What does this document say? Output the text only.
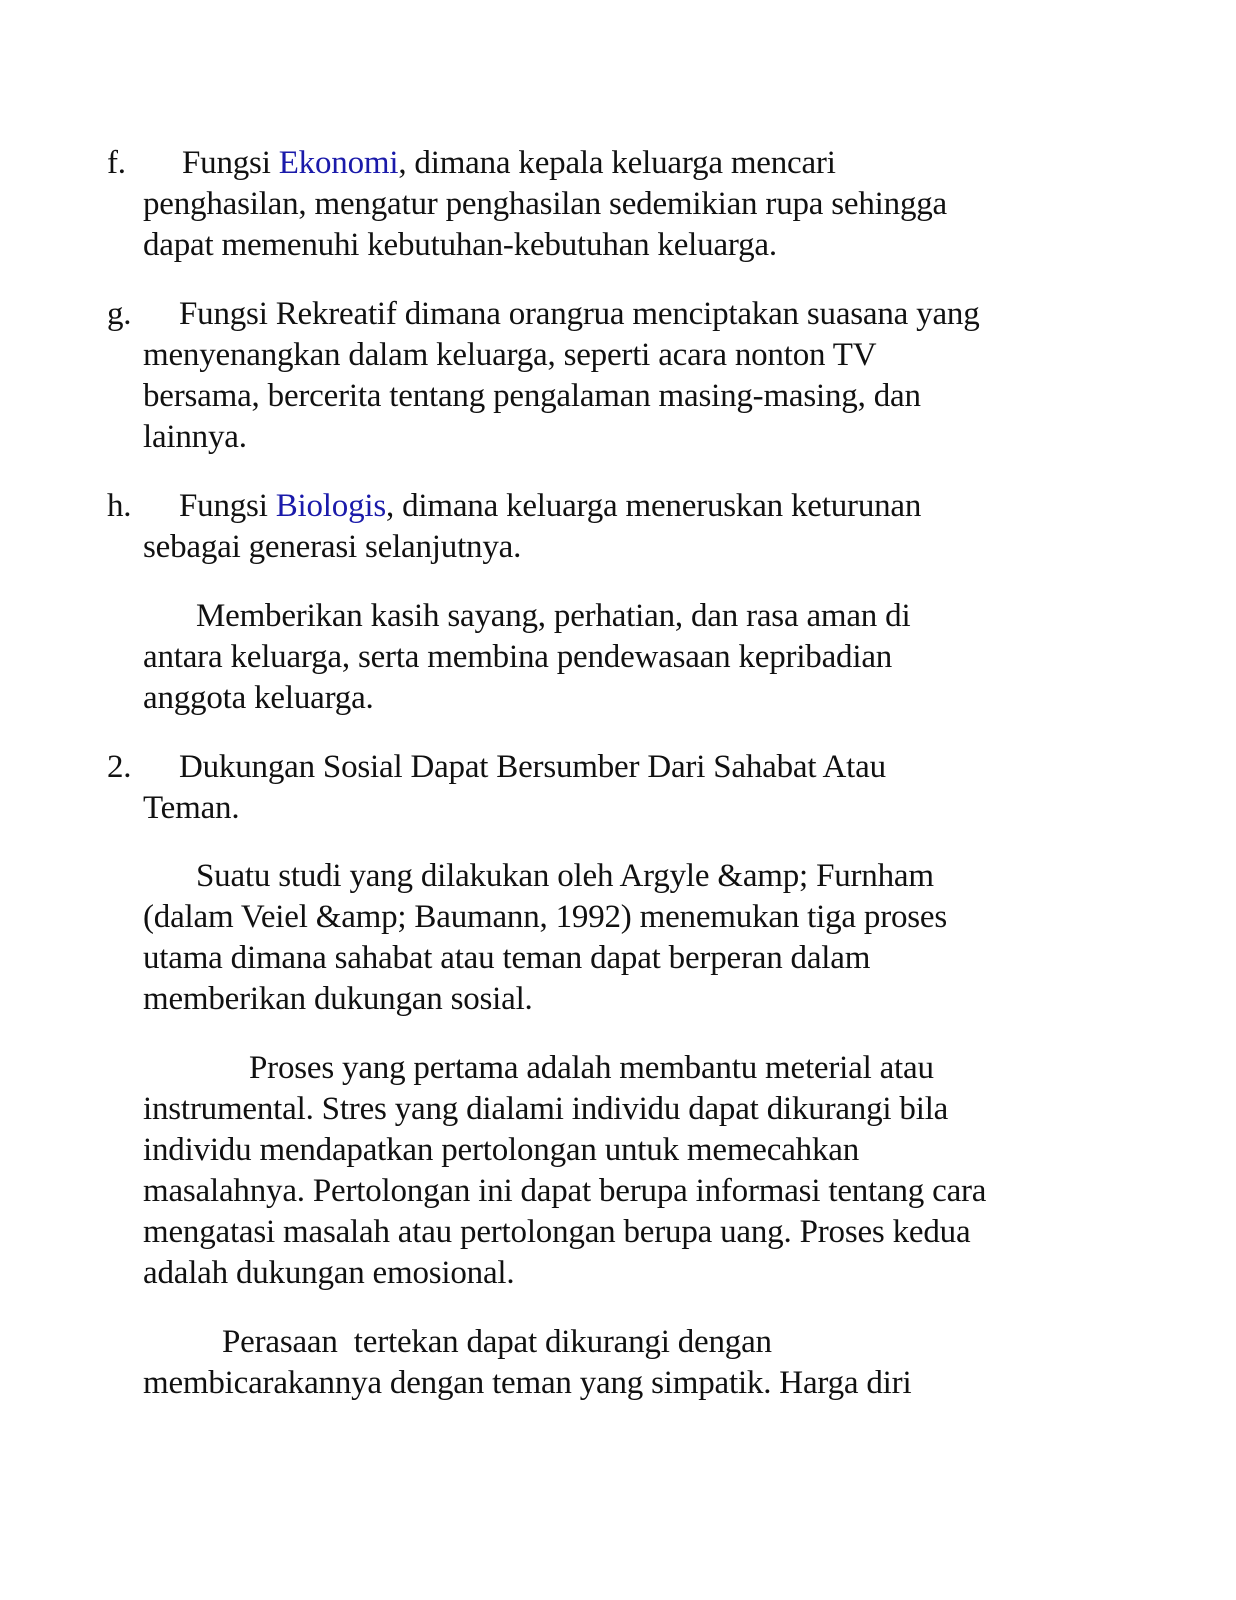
f. Fungsi Ekonomi, dimana kepala keluarga mencari
penghasilan, mengatur penghasilan sedemikian rupa sehingga
dapat memenuhi kebutuhan-kebutuhan keluarga.
g. Fungsi Rekreatif dimana orangrua menciptakan suasana yang
menyenangkan dalam keluarga, seperti acara nonton TV
bersama, bercerita tentang pengalaman masing-masing, dan
lainnya.
h. Fungsi Biologis, dimana keluarga meneruskan keturunan
sebagai generasi selanjutnya.
Memberikan kasih sayang, perhatian, dan rasa aman di
antara keluarga, serta membina pendewasaan kepribadian
anggota keluarga.
2. Dukungan Sosial Dapat Bersumber Dari Sahabat Atau
Teman.
Suatu studi yang dilakukan oleh Argyle &amp; Furnham
(dalam Veiel &amp; Baumann, 1992) menemukan tiga proses
utama dimana sahabat atau teman dapat berperan dalam
memberikan dukungan sosial.
Proses yang pertama adalah membantu meterial atau
instrumental. Stres yang dialami individu dapat dikurangi bila
individu mendapatkan pertolongan untuk memecahkan
masalahnya. Pertolongan ini dapat berupa informasi tentang cara
mengatasi masalah atau pertolongan berupa uang. Proses kedua
adalah dukungan emosional.
Perasaan  tertekan dapat dikurangi dengan
membicarakannya dengan teman yang simpatik. Harga diri
